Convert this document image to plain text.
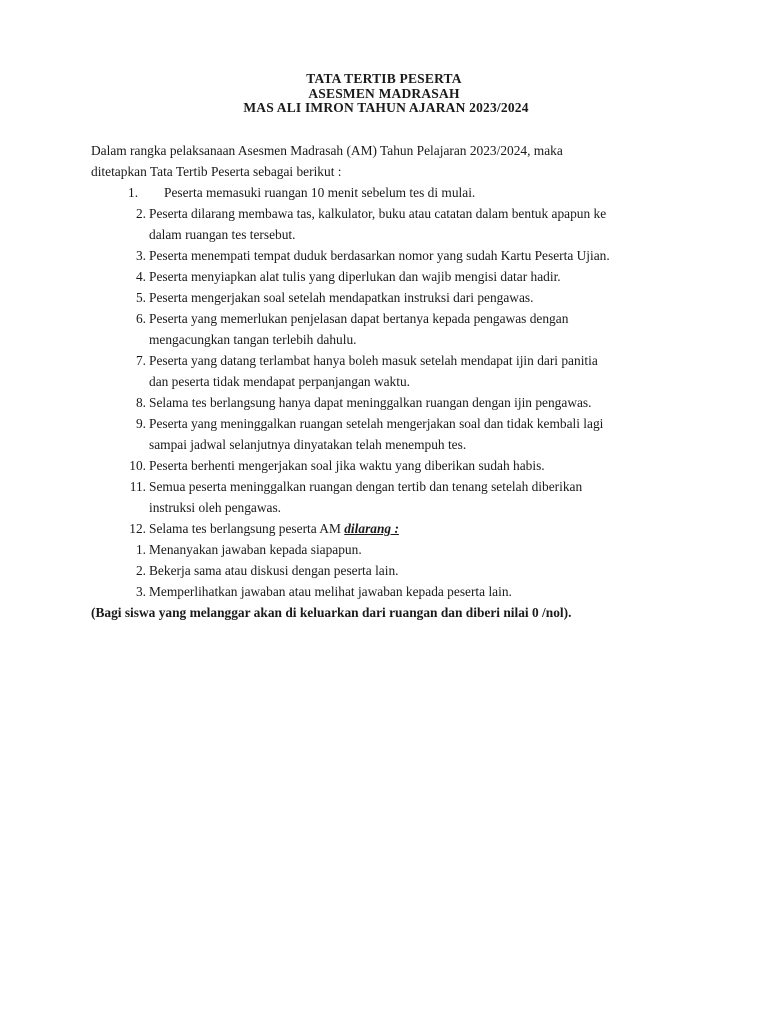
TATA TERTIB PESERTA
ASESMEN MADRASAH
MAS ALI IMRON TAHUN AJARAN 2023/2024
Dalam rangka pelaksanaan Asesmen Madrasah (AM) Tahun Pelajaran 2023/2024, maka
ditetapkan Tata Tertib Peserta sebagai berikut :
1.	Peserta memasuki ruangan 10 menit sebelum tes di mulai.
2. Peserta dilarang membawa tas, kalkulator, buku atau catatan dalam bentuk apapun ke
dalam ruangan tes tersebut.
3. Peserta menempati tempat duduk berdasarkan nomor yang sudah Kartu Peserta Ujian.
4. Peserta menyiapkan alat tulis yang diperlukan dan wajib mengisi datar hadir.
5. Peserta mengerjakan soal setelah mendapatkan instruksi dari pengawas.
6. Peserta yang memerlukan penjelasan dapat bertanya kepada pengawas dengan
mengacungkan tangan terlebih dahulu.
7. Peserta yang datang terlambat hanya boleh masuk setelah mendapat ijin dari panitia
dan peserta tidak mendapat perpanjangan waktu.
8. Selama tes berlangsung hanya dapat meninggalkan ruangan dengan ijin pengawas.
9. Peserta yang meninggalkan ruangan setelah mengerjakan soal dan tidak kembali lagi
sampai jadwal selanjutnya dinyatakan telah menempuh tes.
10. Peserta berhenti mengerjakan soal jika waktu yang diberikan sudah habis.
11. Semua peserta meninggalkan ruangan dengan tertib dan tenang setelah diberikan
instruksi oleh pengawas.
12. Selama tes berlangsung peserta AM dilarang :
1. Menanyakan jawaban kepada siapapun.
2. Bekerja sama atau diskusi dengan peserta lain.
3. Memperlihatkan jawaban atau melihat jawaban kepada peserta lain.
(Bagi siswa yang melanggar akan di keluarkan dari ruangan dan diberi nilai 0 /nol).
